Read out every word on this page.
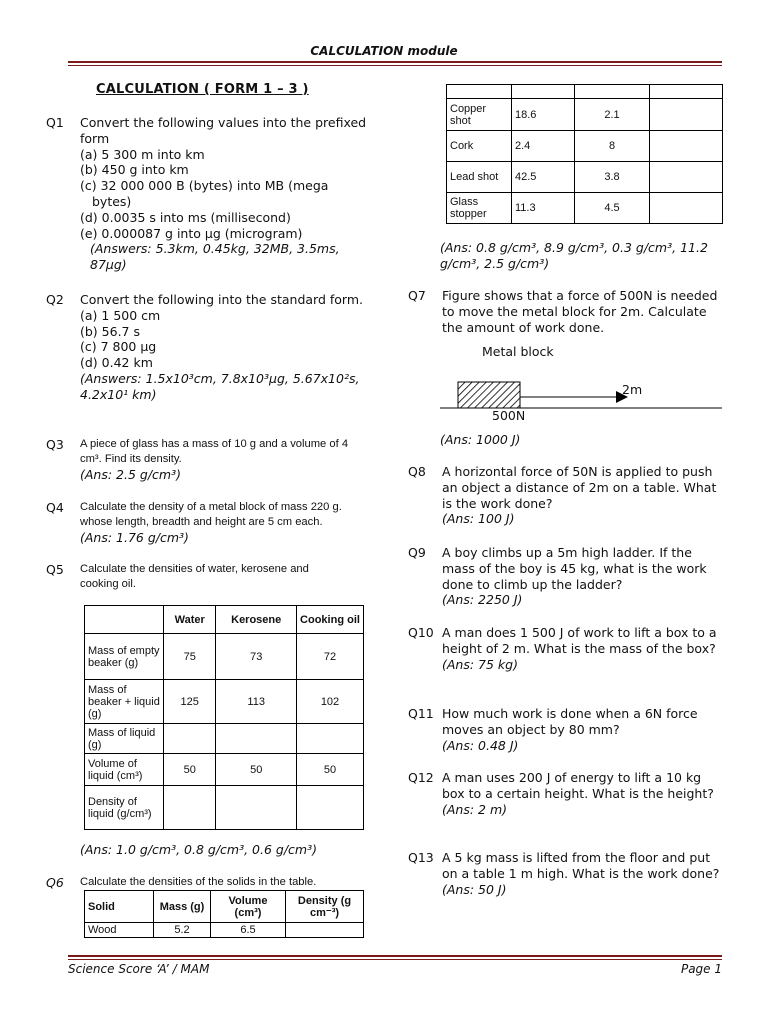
CALCULATION module
CALCULATION ( FORM 1 – 3 )
Q1 Convert the following values into the prefixed form
(a) 5 300 m into km
(b) 450 g into km
(c) 32 000 000 B (bytes) into MB (mega bytes)
(d) 0.0035 s into ms (millisecond)
(e) 0.000087 g into µg (microgram)
(Answers: 5.3km, 0.45kg, 32MB, 3.5ms, 87µg)
Q2 Convert the following into the standard form.
(a) 1 500 cm
(b) 56.7 s
(c) 7 800 µg
(d) 0.42 km
(Answers: 1.5x10³cm, 7.8x10³µg, 5.67x10²s, 4.2x10¹ km)
Q3 A piece of glass has a mass of 10 g and a volume of 4 cm³. Find its density.
(Ans: 2.5 g/cm³)
Q4 Calculate the density of a metal block of mass 220 g. whose length, breadth and height are 5 cm each.
(Ans: 1.76 g/cm³)
Q5 Calculate the densities of water, kerosene and cooking oil.
	Water	Kerosene	Cooking oil
Mass of empty beaker (g)	75	73	72
Mass of beaker + liquid (g)	125	113	102
Mass of liquid (g)			
Volume of liquid (cm³)	50	50	50
Density of liquid (g/cm³)			
(Ans: 1.0 g/cm³, 0.8 g/cm³, 0.6 g/cm³)
Q6 Calculate the densities of the solids in the table.
Solid	Mass (g)	Volume (cm³)	Density (g cm⁻³)
Wood	5.2	6.5	

Copper shot	18.6	2.1	
Cork	2.4	8	
Lead shot	42.5	3.8	
Glass stopper	11.3	4.5	
(Ans: 0.8 g/cm³, 8.9 g/cm³, 0.3 g/cm³, 11.2 g/cm³, 2.5 g/cm³)
Q7 Figure shows that a force of 500N is needed to move the metal block for 2m. Calculate the amount of work done.
Metal block
2m
500N
(Ans: 1000 J)
Q8 A horizontal force of 50N is applied to push an object a distance of 2m on a table. What is the work done?
(Ans: 100 J)
Q9 A boy climbs up a 5m high ladder. If the mass of the boy is 45 kg, what is the work done to climb up the ladder?
(Ans: 2250 J)
Q10 A man does 1 500 J of work to lift a box to a height of 2 m. What is the mass of the box?
(Ans: 75 kg)
Q11 How much work is done when a 6N force moves an object by 80 mm?
(Ans: 0.48 J)
Q12 A man uses 200 J of energy to lift a 10 kg box to a certain height. What is the height?
(Ans: 2 m)
Q13 A 5 kg mass is lifted from the floor and put on a table 1 m high. What is the work done?
(Ans: 50 J)
Science Score ‘A’ / MAM	Page 1
